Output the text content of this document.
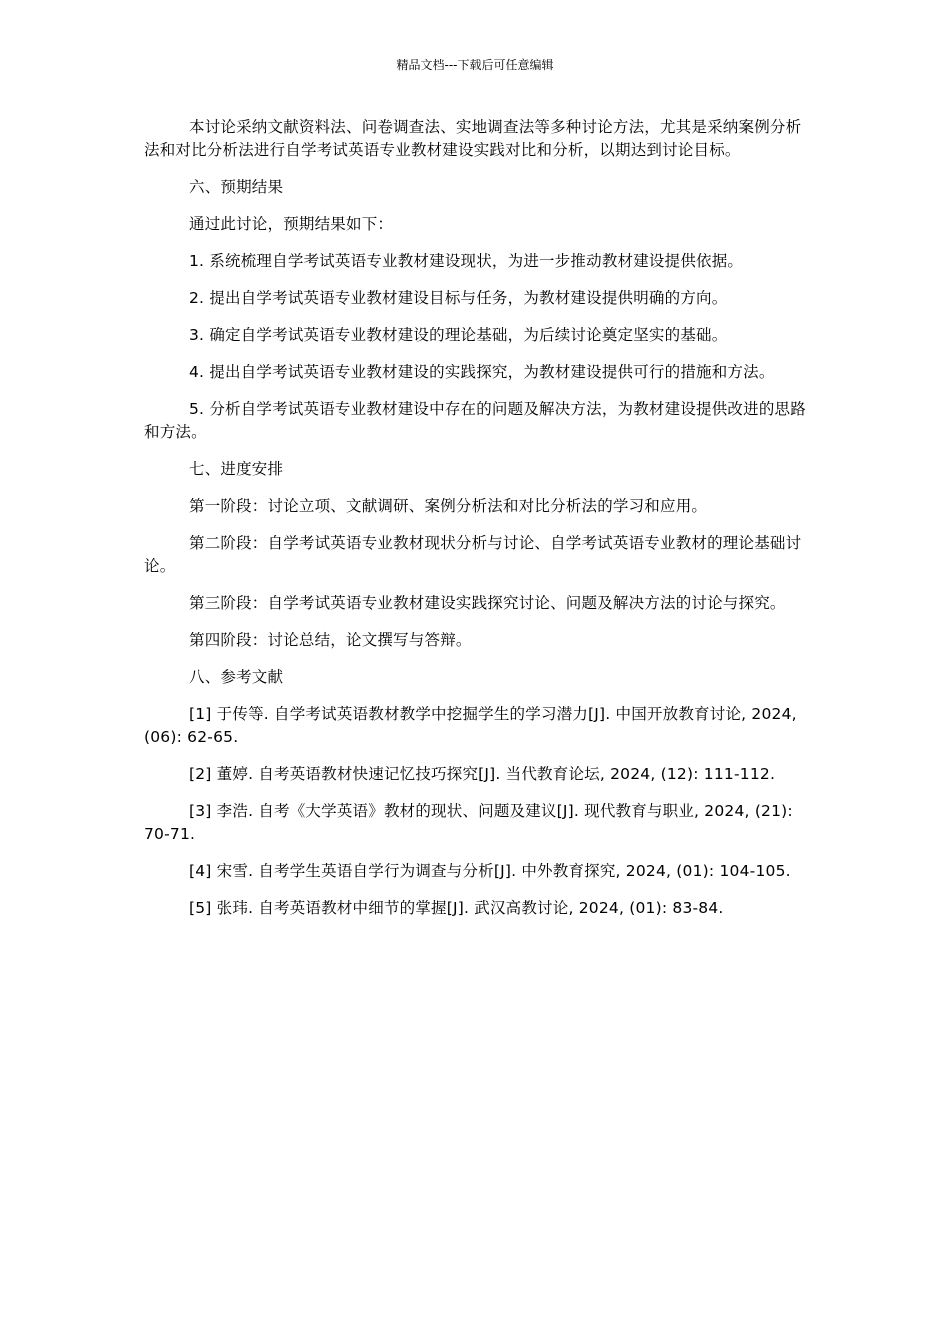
精品文档---下载后可任意编辑

本讨论采纳文献资料法、问卷调查法、实地调查法等多种讨论方法，尤其是采纳案例分析法和对比分析法进行自学考试英语专业教材建设实践对比和分析，以期达到讨论目标。

六、预期结果

通过此讨论，预期结果如下：

1. 系统梳理自学考试英语专业教材建设现状，为进一步推动教材建设提供依据。

2. 提出自学考试英语专业教材建设目标与任务，为教材建设提供明确的方向。

3. 确定自学考试英语专业教材建设的理论基础，为后续讨论奠定坚实的基础。

4. 提出自学考试英语专业教材建设的实践探究，为教材建设提供可行的措施和方法。

5. 分析自学考试英语专业教材建设中存在的问题及解决方法，为教材建设提供改进的思路和方法。

七、进度安排

第一阶段：讨论立项、文献调研、案例分析法和对比分析法的学习和应用。

第二阶段：自学考试英语专业教材现状分析与讨论、自学考试英语专业教材的理论基础讨论。

第三阶段：自学考试英语专业教材建设实践探究讨论、问题及解决方法的讨论与探究。

第四阶段：讨论总结，论文撰写与答辩。

八、参考文献

[1] 于传等. 自学考试英语教材教学中挖掘学生的学习潜力[J]. 中国开放教育讨论, 2024, (06): 62-65.

[2] 董婷. 自考英语教材快速记忆技巧探究[J]. 当代教育论坛, 2024, (12): 111-112.

[3] 李浩. 自考《大学英语》教材的现状、问题及建议[J]. 现代教育与职业, 2024, (21): 70-71.

[4] 宋雪. 自考学生英语自学行为调查与分析[J]. 中外教育探究, 2024, (01): 104-105.

[5] 张玮. 自考英语教材中细节的掌握[J]. 武汉高教讨论, 2024, (01): 83-84.
